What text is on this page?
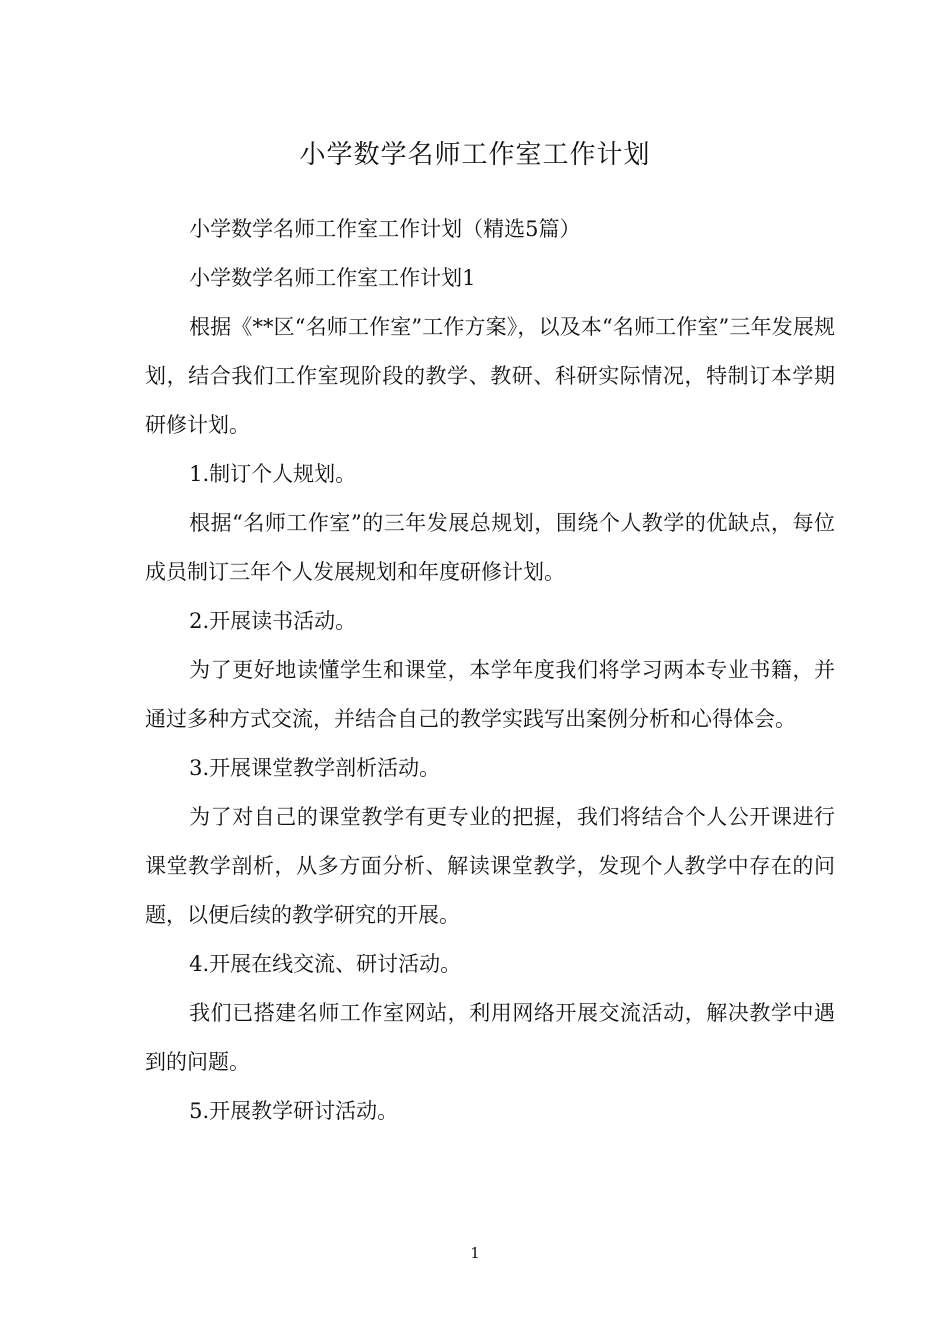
小学数学名师工作室工作计划

小学数学名师工作室工作计划（精选5篇）

小学数学名师工作室工作计划1

根据《**区“名师工作室”工作方案》，以及本“名师工作室”三年发展规划，结合我们工作室现阶段的教学、教研、科研实际情况，特制订本学期研修计划。

1.制订个人规划。

根据“名师工作室”的三年发展总规划，围绕个人教学的优缺点，每位成员制订三年个人发展规划和年度研修计划。

2.开展读书活动。

为了更好地读懂学生和课堂，本学年度我们将学习两本专业书籍，并通过多种方式交流，并结合自己的教学实践写出案例分析和心得体会。

3.开展课堂教学剖析活动。

为了对自己的课堂教学有更专业的把握，我们将结合个人公开课进行课堂教学剖析，从多方面分析、解读课堂教学，发现个人教学中存在的问题，以便后续的教学研究的开展。

4.开展在线交流、研讨活动。

我们已搭建名师工作室网站，利用网络开展交流活动，解决教学中遇到的问题。

5.开展教学研讨活动。

1
